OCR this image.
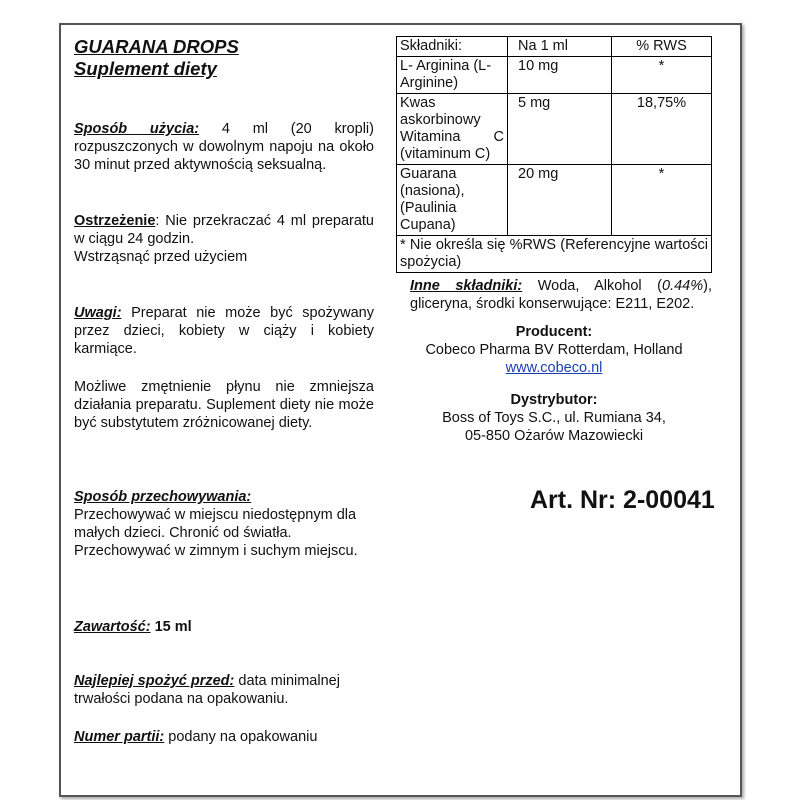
GUARANA DROPS
Suplement diety
Sposób użycia: 4 ml (20 kropli) rozpuszczonych w dowolnym napoju na około 30 minut przed aktywnością seksualną.
Ostrzeżenie: Nie przekraczać 4 ml preparatu w ciągu 24 godzin.
Wstrząsnąć przed użyciem
Uwagi: Preparat nie może być spożywany przez dzieci, kobiety w ciąży i kobiety karmiące.
Możliwe zmętnienie płynu nie zmniejsza działania preparatu. Suplement diety nie może być substytutem zróżnicowanej diety.
Sposób przechowywania:
Przechowywać w miejscu niedostępnym dla małych dzieci. Chronić od światła. Przechowywać w zimnym i suchym miejscu.
Zawartość: 15 ml
Najlepiej spożyć przed: data minimalnej trwałości podana na opakowaniu.
Numer partii: podany na opakowaniu
Składniki:	Na 1 ml	% RWS
L- Arginina (L-Arginine)	10 mg	*
Kwas askorbinowy Witamina C (vitaminum C)	5 mg	18,75%
Guarana (nasiona), (Paulinia Cupana)	20 mg	*
* Nie określa się %RWS (Referencyjne wartości spożycia)		
Inne składniki: Woda, Alkohol (0.44%), gliceryna, środki konserwujące: E211, E202.
Producent:
Cobeco Pharma BV Rotterdam, Holland
www.cobeco.nl
Dystrybutor:
Boss of Toys S.C., ul. Rumiana 34,
05-850 Ożarów Mazowiecki
Art. Nr: 2-00041
